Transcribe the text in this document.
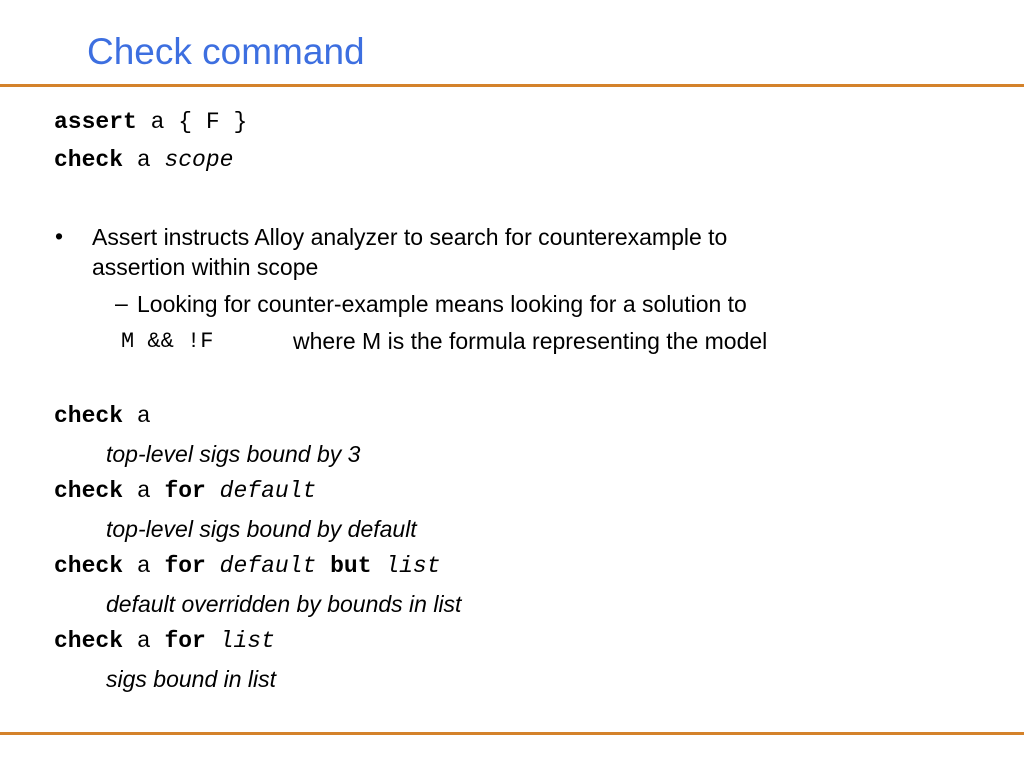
Check command
assert a { F }
check a scope
• Assert instructs Alloy analyzer to search for counterexample to
assertion within scope
– Looking for counter-example means looking for a solution to
M && !F	where M is the formula representing the model
check a
top-level sigs bound by 3
check a for default
top-level sigs bound by default
check a for default but list
default overridden by bounds in list
check a for list
sigs bound in list
